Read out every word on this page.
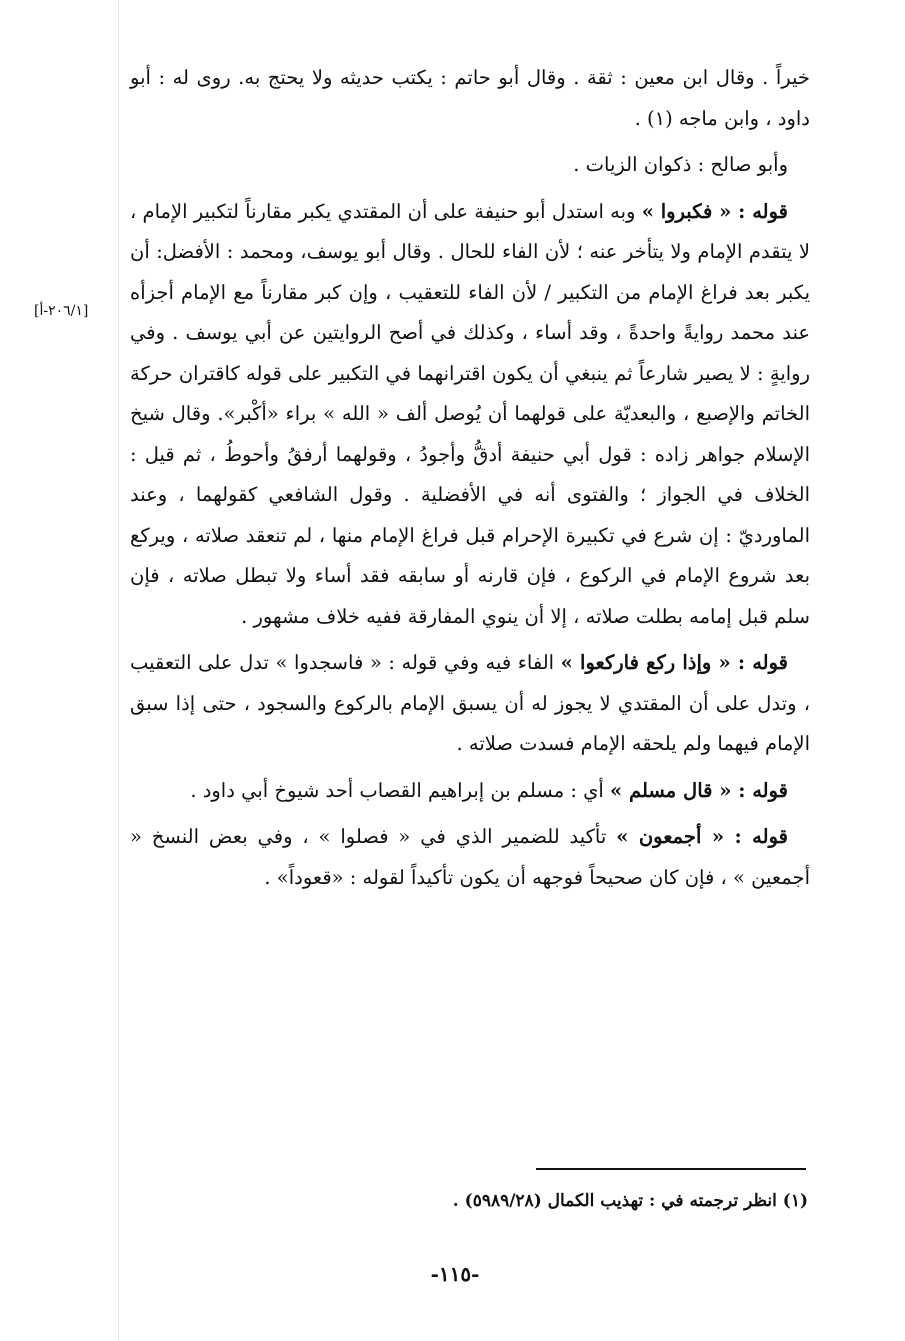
خيراً . وقال ابن معين : ثقة . وقال أبو حاتم : يكتب حديثه ولا يحتج به. روى له : أبو داود ، وابن ماجه (١) .

وأبو صالح : ذكوان الزيات .

قوله : « فكبروا » وبه استدل أبو حنيفة على أن المقتدي يكبر مقارناً لتكبير الإمام ، لا يتقدم الإمام ولا يتأخر عنه ؛ لأن الفاء للحال . وقال أبو يوسف، ومحمد : الأفضل: أن يكبر بعد فراغ الإمام من التكبير / لأن الفاء للتعقيب ، وإن كبر مقارناً مع الإمام أجزأه عند محمد روايةً واحدةً ، وقد أساء ، وكذلك في أصح الروايتين عن أبي يوسف . وفي روايةٍ : لا يصير شارعاً ثم ينبغي أن يكون اقترانهما في التكبير على قوله كاقتران حركة الخاتم والإصبع ، والبعديّة على قولهما أن يُوصل ألف « الله » براء «أكْبر». وقال شيخ الإسلام جواهر زاده : قول أبي حنيفة أدقُّ وأجودُ ، وقولهما أرفقُ وأحوطُ ، ثم قيل : الخلاف في الجواز ؛ والفتوى أنه في الأفضلية . وقول الشافعي كقولهما ، وعند الماورديّ : إن شرع في تكبيرة الإحرام قبل فراغ الإمام منها ، لم تنعقد صلاته ، ويركع بعد شروع الإمام في الركوع ، فإن قارنه أو سابقه فقد أساء ولا تبطل صلاته ، فإن سلم قبل إمامه بطلت صلاته ، إلا أن ينوي المفارقة ففيه خلاف مشهور .

قوله : « وإذا ركع فاركعوا » الفاء فيه وفي قوله : « فاسجدوا » تدل على التعقيب ، وتدل على أن المقتدي لا يجوز له أن يسبق الإمام بالركوع والسجود ، حتى إذا سبق الإمام فيهما ولم يلحقه الإمام فسدت صلاته .

قوله : « قال مسلم » أي : مسلم بن إبراهيم القصاب أحد شيوخ أبي داود .

قوله : « أجمعون » تأكيد للضمير الذي في « فصلوا » ، وفي بعض النسخ « أجمعين » ، فإن كان صحيحاً فوجهه أن يكون تأكيداً لقوله : «قعوداً» .

[٢٠٦/١-أ]
(١) انظر ترجمته في : تهذيب الكمال (٥٩٨٩/٢٨) .
-١١٥-
